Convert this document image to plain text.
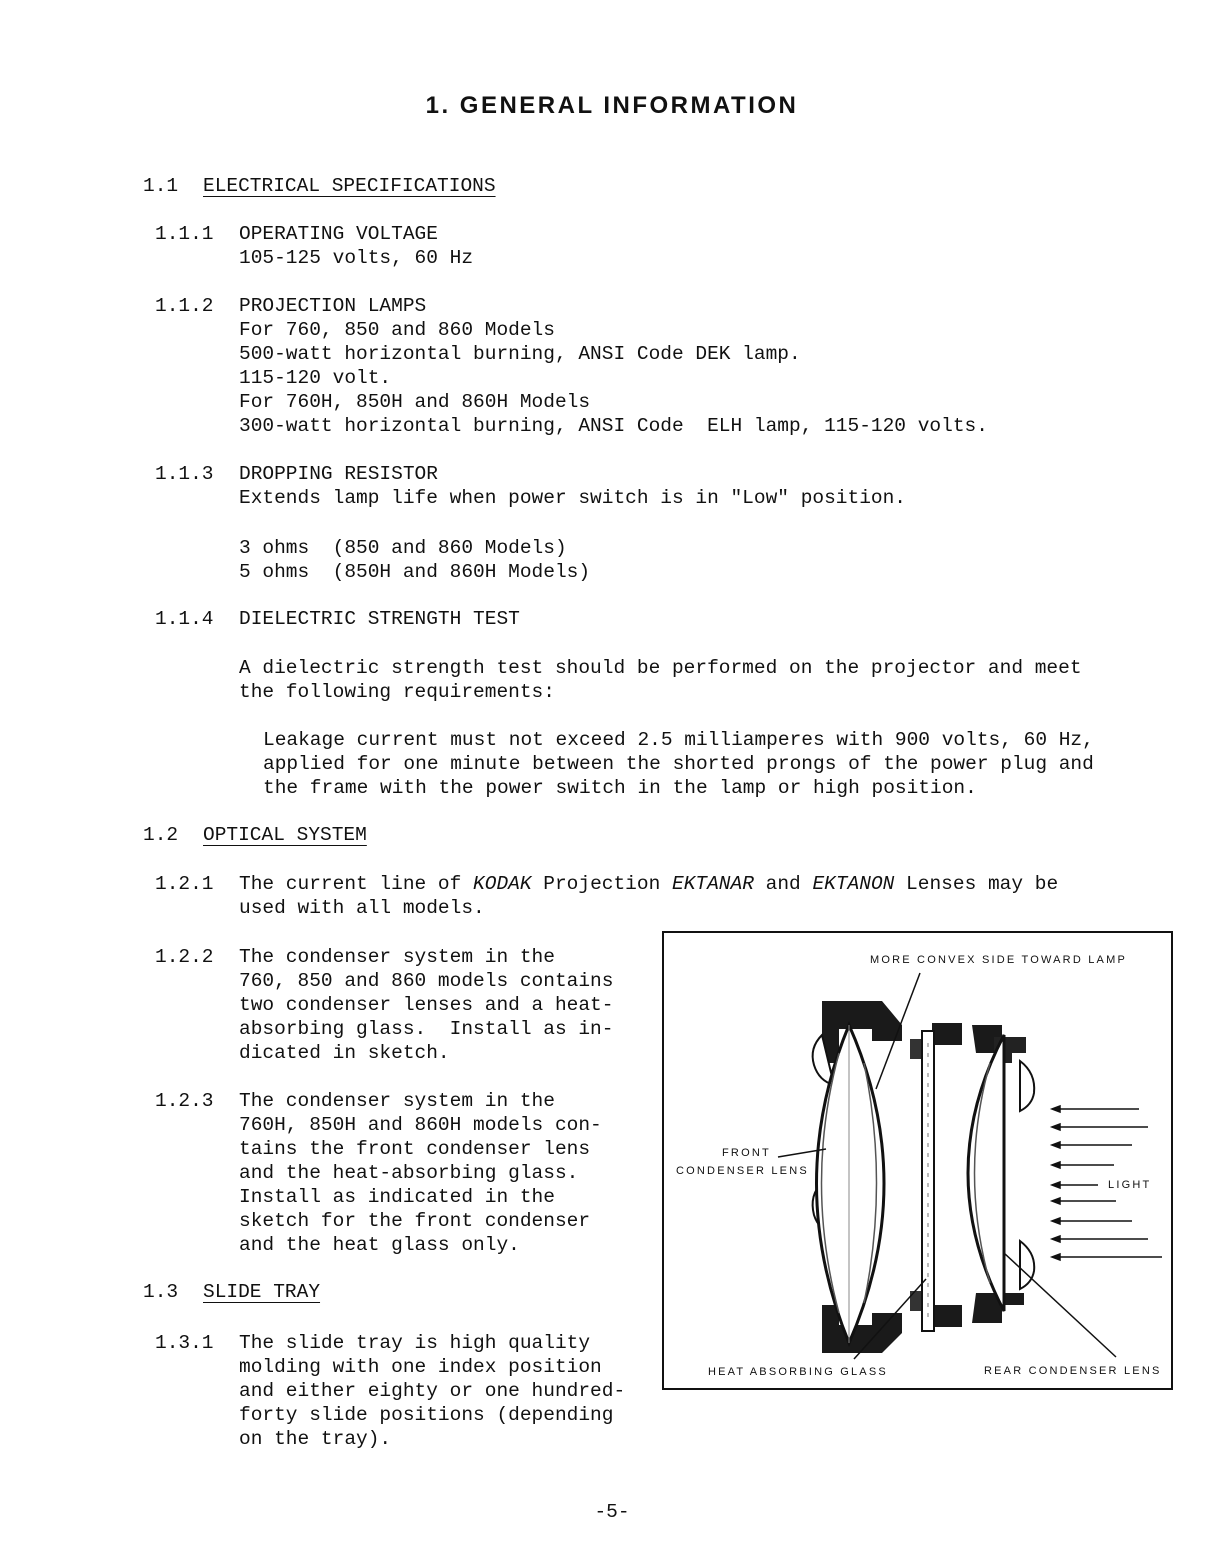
1. GENERAL INFORMATION
1.1 ELECTRICAL SPECIFICATIONS
1.1.1 OPERATING VOLTAGE
105-125 volts, 60 Hz
1.1.2 PROJECTION LAMPS
For 760, 850 and 860 Models
500-watt horizontal burning, ANSI Code DEK lamp.
115-120 volt.
For 760H, 850H and 860H Models
300-watt horizontal burning, ANSI Code  ELH lamp, 115-120 volts.
1.1.3 DROPPING RESISTOR
Extends lamp life when power switch is in "Low" position.
3 ohms  (850 and 860 Models)
5 ohms  (850H and 860H Models)
1.1.4 DIELECTRIC STRENGTH TEST
A dielectric strength test should be performed on the projector and meet
the following requirements:
Leakage current must not exceed 2.5 milliamperes with 900 volts, 60 Hz,
applied for one minute between the shorted prongs of the power plug and
the frame with the power switch in the lamp or high position.
1.2 OPTICAL SYSTEM
1.2.1 The current line of KODAK Projection EKTANAR and EKTANON Lenses may be
used with all models.
1.2.2 The condenser system in the
760, 850 and 860 models contains
two condenser lenses and a heat-
absorbing glass.  Install as in-
dicated in sketch.
1.2.3 The condenser system in the
760H, 850H and 860H models con-
tains the front condenser lens
and the heat-absorbing glass.
Install as indicated in the
sketch for the front condenser
and the heat glass only.
1.3 SLIDE TRAY
1.3.1 The slide tray is high quality
molding with one index position
and either eighty or one hundred-
forty slide positions (depending
on the tray).
MORE CONVEX SIDE TOWARD LAMP
FRONT
CONDENSER LENS
LIGHT
HEAT ABSORBING GLASS	REAR CONDENSER LENS
-5-
